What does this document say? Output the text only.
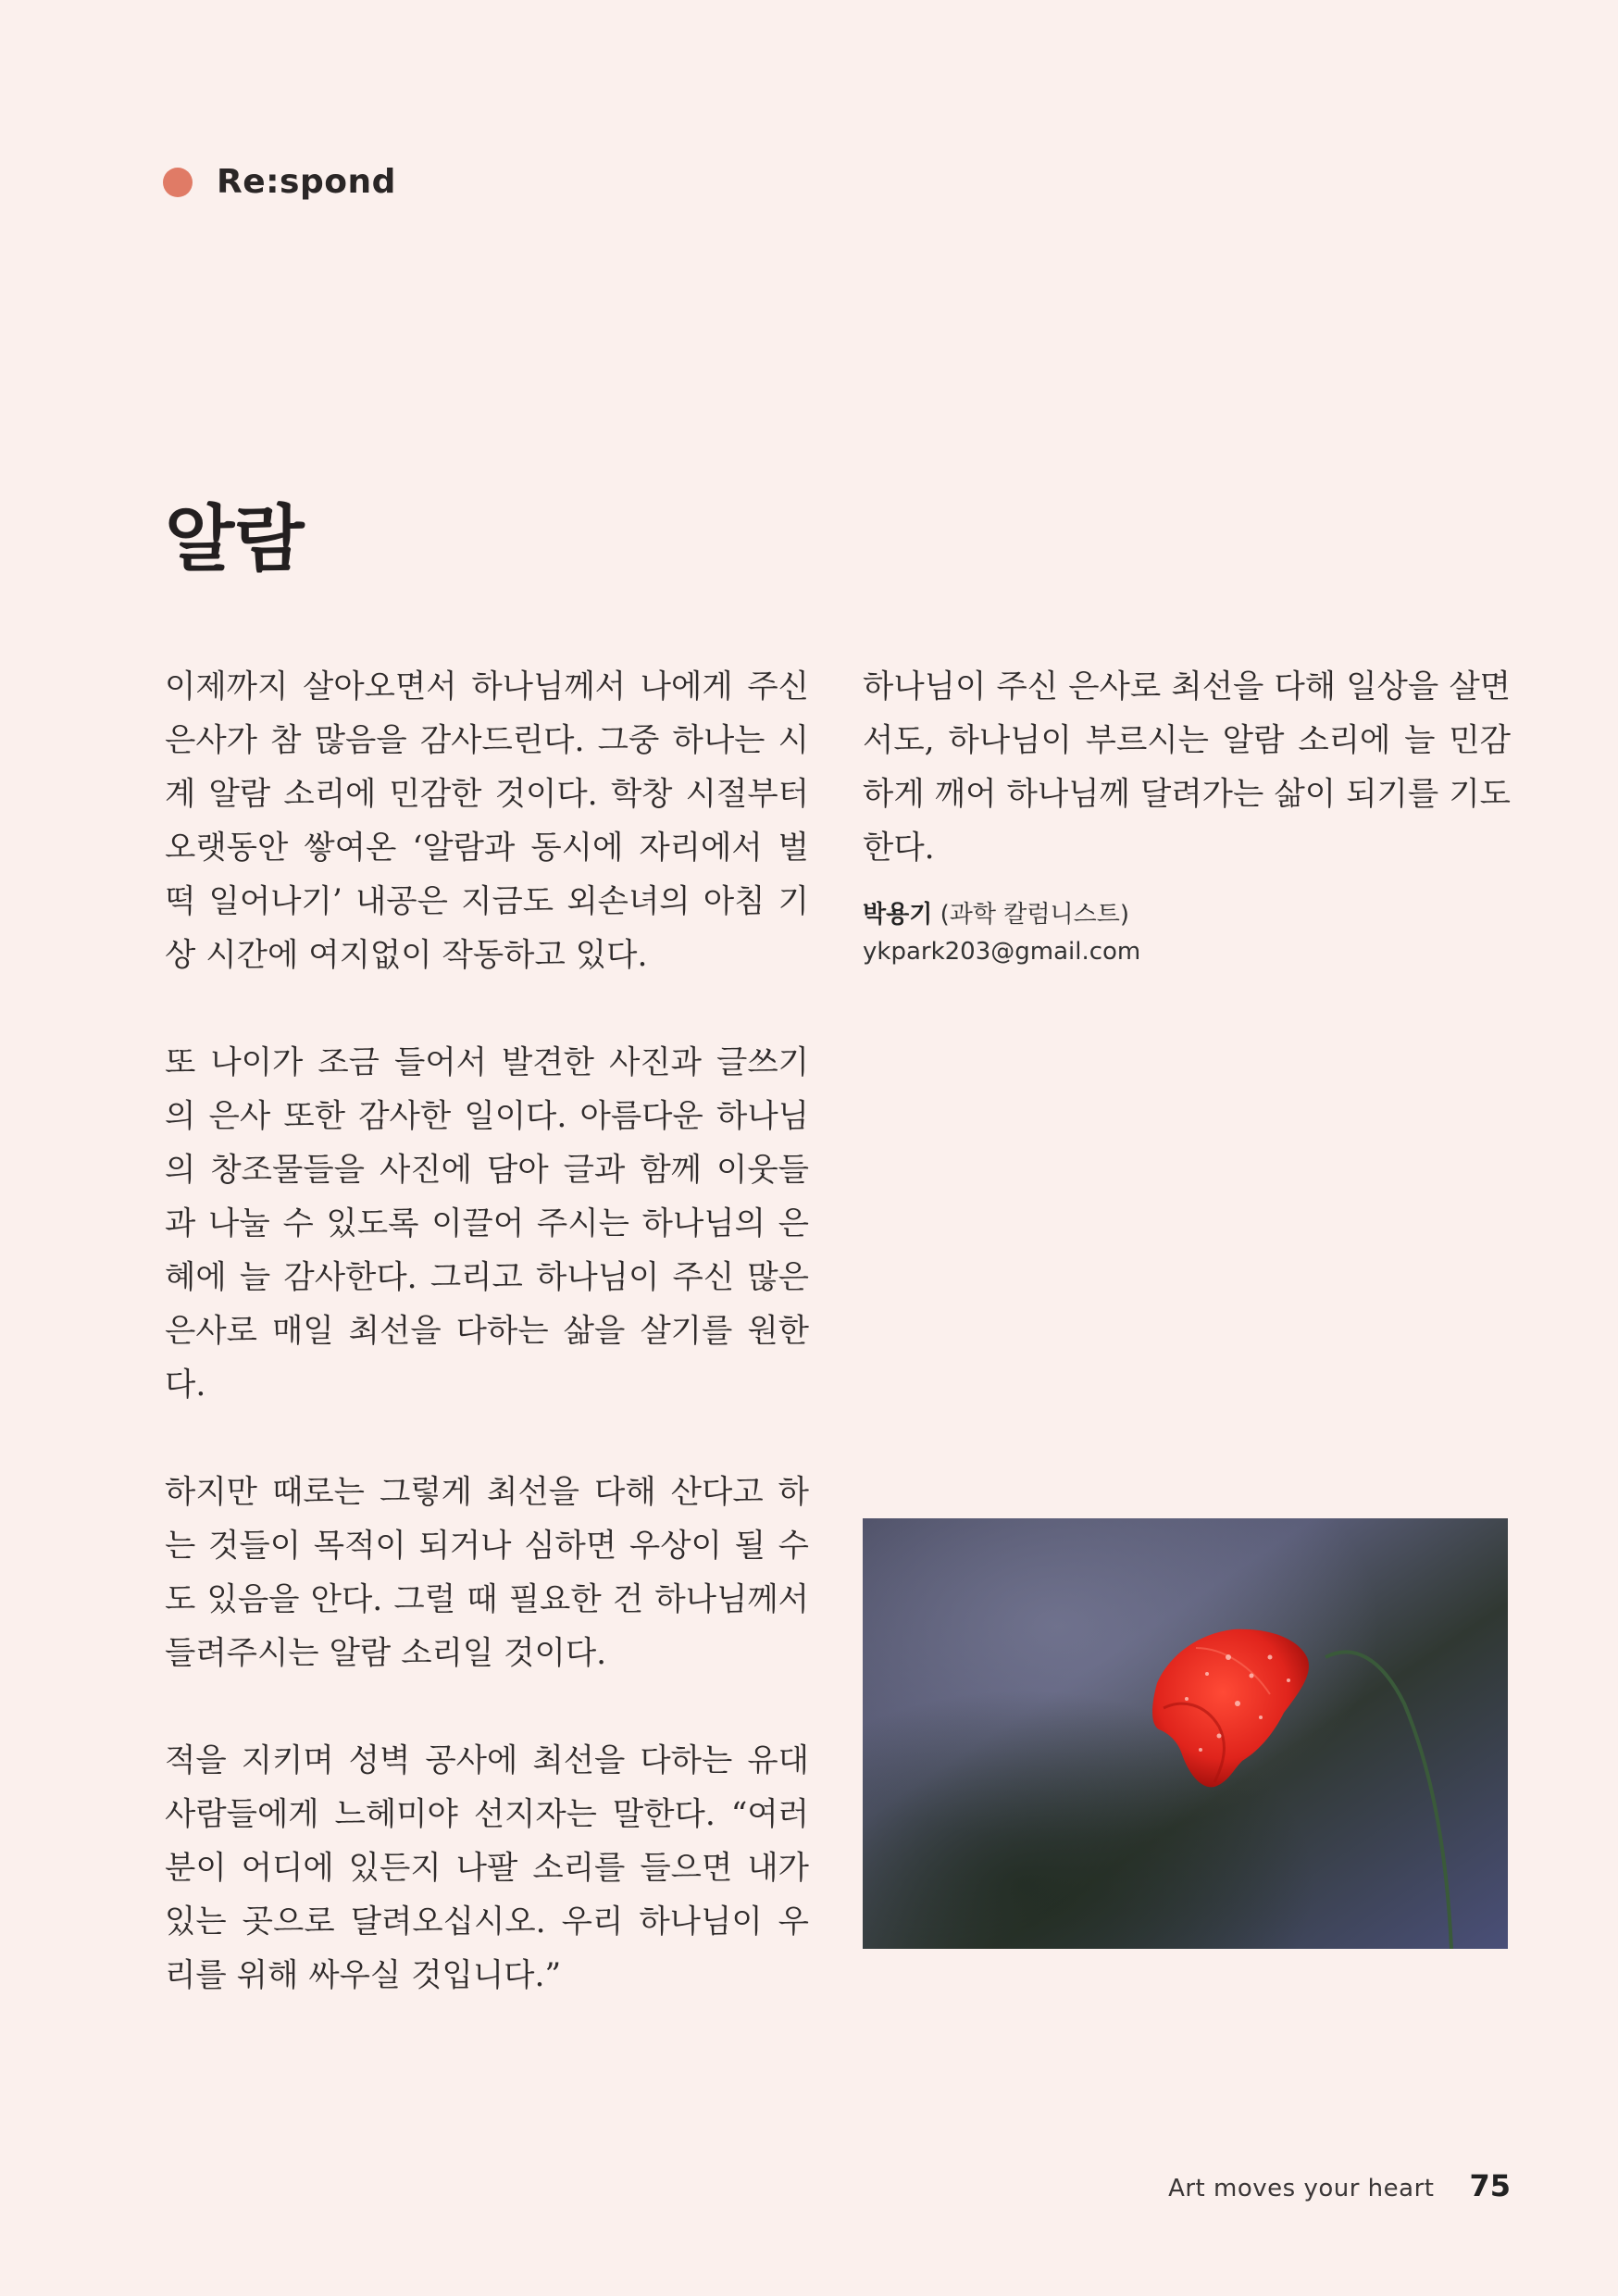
Re:spond
알람

이제까지 살아오면서 하나님께서 나에게 주신 은사가 참 많음을 감사드린다. 그중 하나는 시계 알람 소리에 민감한 것이다. 학창 시절부터 오랫동안 쌓여온 ‘알람과 동시에 자리에서 벌떡 일어나기’ 내공은 지금도 외손녀의 아침 기상 시간에 여지없이 작동하고 있다.

또 나이가 조금 들어서 발견한 사진과 글쓰기의 은사 또한 감사한 일이다. 아름다운 하나님의 창조물들을 사진에 담아 글과 함께 이웃들과 나눌 수 있도록 이끌어 주시는 하나님의 은혜에 늘 감사한다. 그리고 하나님이 주신 많은 은사로 매일 최선을 다하는 삶을 살기를 원한다.

하지만 때로는 그렇게 최선을 다해 산다고 하는 것들이 목적이 되거나 심하면 우상이 될 수도 있음을 안다. 그럴 때 필요한 건 하나님께서 들려주시는 알람 소리일 것이다.

적을 지키며 성벽 공사에 최선을 다하는 유대 사람들에게 느헤미야 선지자는 말한다. “여러분이 어디에 있든지 나팔 소리를 들으면 내가 있는 곳으로 달려오십시오. 우리 하나님이 우리를 위해 싸우실 것입니다.”

하나님이 주신 은사로 최선을 다해 일상을 살면서도, 하나님이 부르시는 알람 소리에 늘 민감하게 깨어 하나님께 달려가는 삶이 되기를 기도한다.

박용기 (과학 칼럼니스트)
ykpark203@gmail.com
Art moves your heart 75
